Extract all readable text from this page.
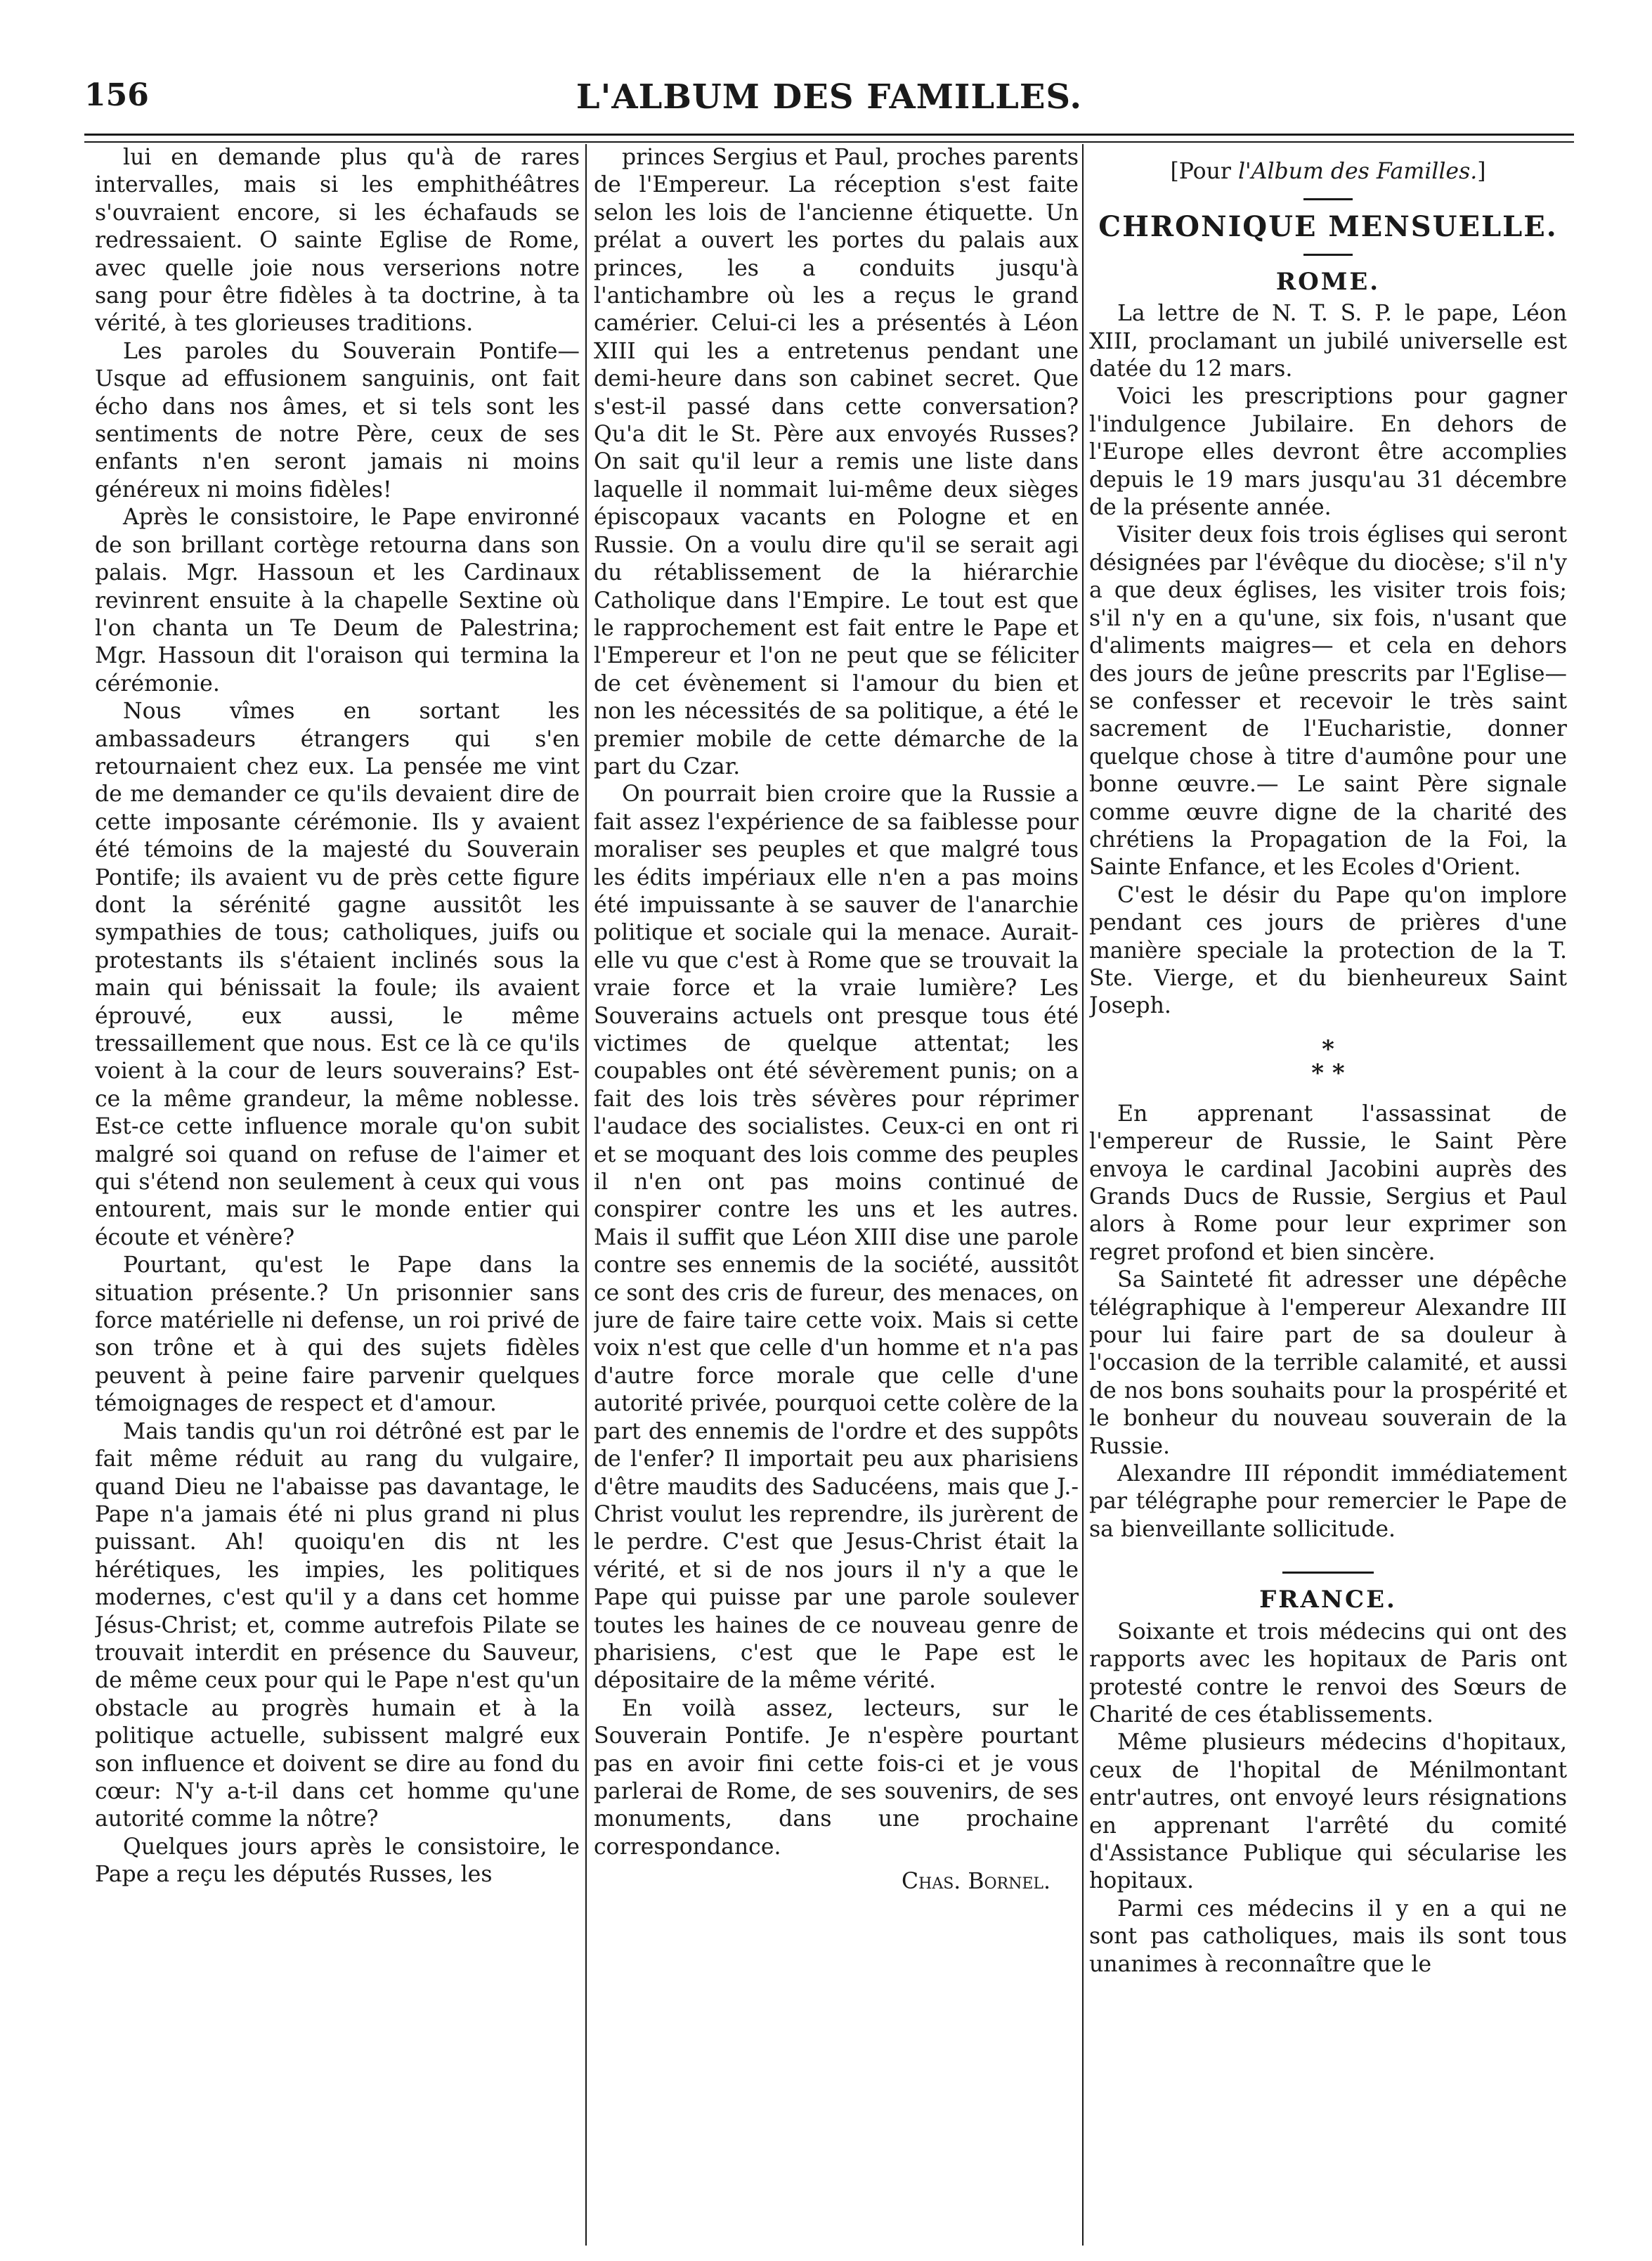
156	L'ALBUM DES FAMILLES.

lui en demande plus qu'à de rares intervalles, mais si les emphithéâtres s'ouvraient encore, si les échafauds se redressaient. O sainte Eglise de Rome, avec quelle joie nous verserions notre sang pour être fidèles à ta doctrine, à ta vérité, à tes glorieuses traditions.

Les paroles du Souverain Pontife— Usque ad effusionem sanguinis, ont fait écho dans nos âmes, et si tels sont les sentiments de notre Père, ceux de ses enfants n'en seront jamais ni moins généreux ni moins fidèles!

Après le consistoire, le Pape environné de son brillant cortège retourna dans son palais. Mgr. Hassoun et les Cardinaux revinrent ensuite à la chapelle Sextine où l'on chanta un Te Deum de Palestrina; Mgr. Hassoun dit l'oraison qui termina la cérémonie.

Nous vîmes en sortant les ambassadeurs étrangers qui s'en retournaient chez eux. La pensée me vint de me demander ce qu'ils devaient dire de cette imposante cérémonie. Ils y avaient été témoins de la majesté du Souverain Pontife; ils avaient vu de près cette figure dont la sérénité gagne aussitôt les sympathies de tous; catholiques, juifs ou protestants ils s'étaient inclinés sous la main qui bénissait la foule; ils avaient éprouvé, eux aussi, le même tressaillement que nous. Est ce là ce qu'ils voient à la cour de leurs souverains? Est-ce la même grandeur, la même noblesse. Est-ce cette influence morale qu'on subit malgré soi quand on refuse de l'aimer et qui s'étend non seulement à ceux qui vous entourent, mais sur le monde entier qui écoute et vénère?

Pourtant, qu'est le Pape dans la situation présente.? Un prisonnier sans force matérielle ni defense, un roi privé de son trône et à qui des sujets fidèles peuvent à peine faire parvenir quelques témoignages de respect et d'amour.

Mais tandis qu'un roi détrôné est par le fait même réduit au rang du vulgaire, quand Dieu ne l'abaisse pas davantage, le Pape n'a jamais été ni plus grand ni plus puissant. Ah! quoiqu'en dis nt les hérétiques, les impies, les politiques modernes, c'est qu'il y a dans cet homme Jésus-Christ; et, comme autrefois Pilate se trouvait interdit en présence du Sauveur, de même ceux pour qui le Pape n'est qu'un obstacle au progrès humain et à la politique actuelle, subissent malgré eux son influence et doivent se dire au fond du cœur: N'y a-t-il dans cet homme qu'une autorité comme la nôtre?

Quelques jours après le consistoire, le Pape a reçu les députés Russes, les

princes Sergius et Paul, proches parents de l'Empereur. La réception s'est faite selon les lois de l'ancienne étiquette. Un prélat a ouvert les portes du palais aux princes, les a conduits jusqu'à l'antichambre où les a reçus le grand camérier. Celui-ci les a présentés à Léon XIII qui les a entretenus pendant une demi-heure dans son cabinet secret. Que s'est-il passé dans cette conversation? Qu'a dit le St. Père aux envoyés Russes? On sait qu'il leur a remis une liste dans laquelle il nommait lui-même deux sièges épiscopaux vacants en Pologne et en Russie. On a voulu dire qu'il se serait agi du rétablissement de la hiérarchie Catholique dans l'Empire. Le tout est que le rapprochement est fait entre le Pape et l'Empereur et l'on ne peut que se féliciter de cet évènement si l'amour du bien et non les nécessités de sa politique, a été le premier mobile de cette démarche de la part du Czar.

On pourrait bien croire que la Russie a fait assez l'expérience de sa faiblesse pour moraliser ses peuples et que malgré tous les édits impériaux elle n'en a pas moins été impuissante à se sauver de l'anarchie politique et sociale qui la menace. Aurait-elle vu que c'est à Rome que se trouvait la vraie force et la vraie lumière? Les Souverains actuels ont presque tous été victimes de quelque attentat; les coupables ont été sévèrement punis; on a fait des lois très sévères pour réprimer l'audace des socialistes. Ceux-ci en ont ri et se moquant des lois comme des peuples il n'en ont pas moins continué de conspirer contre les uns et les autres. Mais il suffit que Léon XIII dise une parole contre ses ennemis de la société, aussitôt ce sont des cris de fureur, des menaces, on jure de faire taire cette voix. Mais si cette voix n'est que celle d'un homme et n'a pas d'autre force morale que celle d'une autorité privée, pourquoi cette colère de la part des ennemis de l'ordre et des suppôts de l'enfer? Il importait peu aux pharisiens d'être maudits des Saducéens, mais que J.-Christ voulut les reprendre, ils jurèrent de le perdre. C'est que Jesus-Christ était la vérité, et si de nos jours il n'y a que le Pape qui puisse par une parole soulever toutes les haines de ce nouveau genre de pharisiens, c'est que le Pape est le dépositaire de la même vérité.

En voilà assez, lecteurs, sur le Souverain Pontife. Je n'espère pourtant pas en avoir fini cette fois-ci et je vous parlerai de Rome, de ses souvenirs, de ses monuments, dans une prochaine correspondance.

Chas. Bornel.
[Pour l'Album des Familles.]
CHRONIQUE MENSUELLE.
ROME.

La lettre de N. T. S. P. le pape, Léon XIII, proclamant un jubilé universelle est datée du 12 mars.

Voici les prescriptions pour gagner l'indulgence Jubilaire. En dehors de l'Europe elles devront être accomplies depuis le 19 mars jusqu'au 31 décembre de la présente année.

Visiter deux fois trois églises qui seront désignées par l'évêque du diocèse; s'il n'y a que deux églises, les visiter trois fois; s'il n'y en a qu'une, six fois, n'usant que d'aliments maigres— et cela en dehors des jours de jeûne prescrits par l'Eglise— se confesser et recevoir le très saint sacrement de l'Eucharistie, donner quelque chose à titre d'aumône pour une bonne œuvre.— Le saint Père signale comme œuvre digne de la charité des chrétiens la Propagation de la Foi, la Sainte Enfance, et les Ecoles d'Orient.

C'est le désir du Pape qu'on implore pendant ces jours de prières d'une manière speciale la protection de la T. Ste. Vierge, et du bienheureux Saint Joseph.

*
* *

En apprenant l'assassinat de l'empereur de Russie, le Saint Père envoya le cardinal Jacobini auprès des Grands Ducs de Russie, Sergius et Paul alors à Rome pour leur exprimer son regret profond et bien sincère.

Sa Sainteté fit adresser une dépêche télégraphique à l'empereur Alexandre III pour lui faire part de sa douleur à l'occasion de la terrible calamité, et aussi de nos bons souhaits pour la prospérité et le bonheur du nouveau souverain de la Russie.

Alexandre III répondit immédiatement par télégraphe pour remercier le Pape de sa bienveillante sollicitude.

FRANCE.

Soixante et trois médecins qui ont des rapports avec les hopitaux de Paris ont protesté contre le renvoi des Sœurs de Charité de ces établissements.

Même plusieurs médecins d'hopitaux, ceux de l'hopital de Ménilmontant entr'autres, ont envoyé leurs résignations en apprenant l'arrêté du comité d'Assistance Publique qui sécularise les hopitaux.

Parmi ces médecins il y en a qui ne sont pas catholiques, mais ils sont tous unanimes à reconnaître que le
